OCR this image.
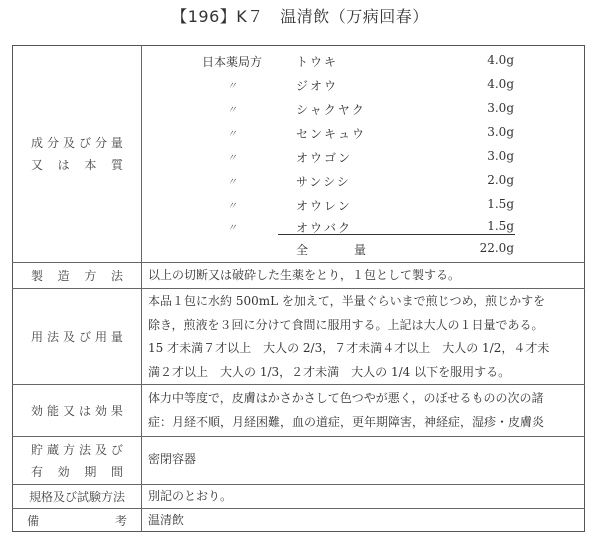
【196】K７　温清飲（万病回春）
成 分 及 び 分 量
又 は 本 質
日本薬局方	トウキ	4.0g
〃	ジオウ	4.0g
〃	シャクヤク	3.0g
〃	センキュウ	3.0g
〃	オウゴン	3.0g
〃	サンシシ	2.0g
〃	オウレン	1.5g
〃	オウバク	1.5g
全	量	22.0g
製 造 方 法 以上の切断又は破砕した生薬をとり，１包として製する。
用 法 及 び 用 量
本品１包に水約 500mL を加えて，半量ぐらいまで煎じつめ，煎じかすを
除き，煎液を３回に分けて食間に服用する。上記は大人の１日量である。
15 才未満７才以上　大人の 2/3，７才未満４才以上　大人の 1/2，４才未
満２才以上　大人の 1/3，２才未満　大人の 1/4 以下を服用する。
効 能 又 は 効 果
体力中等度で，皮膚はかさかさして色つやが悪く，のぼせるものの次の諸
症：月経不順，月経困難，血の道症，更年期障害，神経症，湿疹・皮膚炎
貯 蔵 方 法 及 び
有 効 期 間
密閉容器
規格及び試験方法 別記のとおり。
備	考 温清飲
